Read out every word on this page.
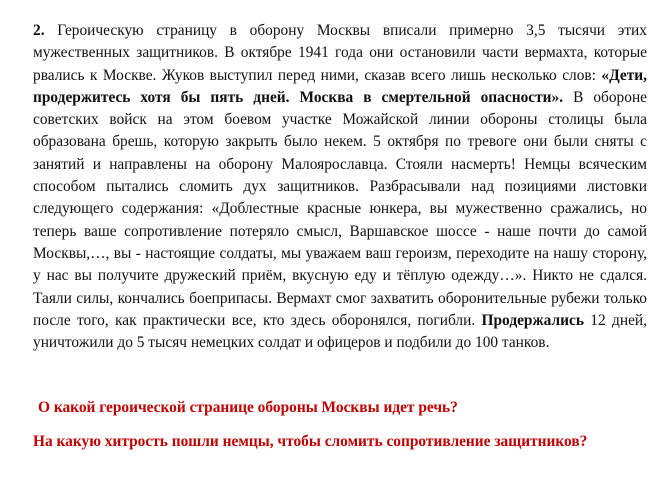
2. Героическую страницу в оборону Москвы вписали примерно 3,5 тысячи этих мужественных защитников. В октябре 1941 года они остановили части вермахта, которые рвались к Москве. Жуков выступил перед ними, сказав всего лишь несколько слов: «Дети, продержитесь хотя бы пять дней. Москва в смертельной опасности». В обороне советских войск на этом боевом участке Можайской линии обороны столицы была образована брешь, которую закрыть было некем. 5 октября по тревоге они были сняты с занятий и направлены на оборону Малоярославца. Стояли насмерть! Немцы всяческим способом пытались сломить дух защитников. Разбрасывали над позициями листовки следующего содержания: «Доблестные красные юнкера, вы мужественно сражались, но теперь ваше сопротивление потеряло смысл, Варшавское шоссе - наше почти до самой Москвы,…, вы - настоящие солдаты, мы уважаем ваш героизм, переходите на нашу сторону, у нас вы получите дружеский приём, вкусную еду и тёплую одежду…». Никто не сдался. Таяли силы, кончались боеприпасы. Вермахт смог захватить оборонительные рубежи только после того, как практически все, кто здесь оборонялся, погибли. Продержались 12 дней, уничтожили до 5 тысяч немецких солдат и офицеров и подбили до 100 танков.

О какой героической странице обороны Москвы идет речь?

На какую хитрость пошли немцы, чтобы сломить сопротивление защитников?
